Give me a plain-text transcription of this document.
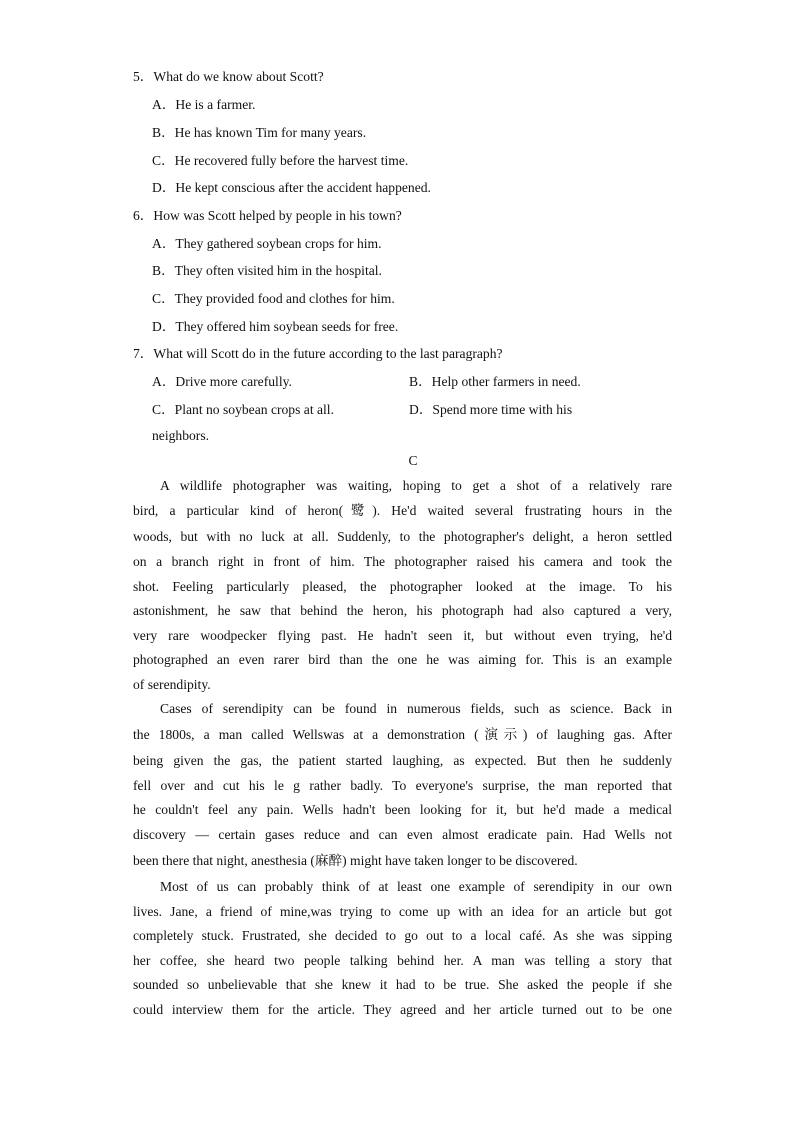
5．What do we know about Scott?
A．He is a farmer.
B．He has known Tim for many years.
C．He recovered fully before the harvest time.
D．He kept conscious after the accident happened.
6．How was Scott helped by people in his town?
A．They gathered soybean crops for him.
B．They often visited him in the hospital.
C．They provided food and clothes for him.
D．They offered him soybean seeds for free.
7．What will Scott do in the future according to the last paragraph?
A．Drive more carefully.	B．Help other farmers in need.
C．Plant no soybean crops at all.	D．Spend more time with his
neighbors.
C
A wildlife photographer was waiting, hoping to get a shot of a relatively rare
bird, a particular kind of heron(鹭). He'd waited several frustrating hours in the
woods, but with no luck at all. Suddenly, to the photographer's delight, a heron settled
on a branch right in front of him. The photographer raised his camera and took the
shot. Feeling particularly pleased, the photographer looked at the image. To his
astonishment, he saw that behind the heron, his photograph had also captured a very,
very rare woodpecker flying past. He hadn't seen it, but without even trying, he'd
photographed an even rarer bird than the one he was aiming for. This is an example
of serendipity.
Cases of serendipity can be found in numerous fields, such as science. Back in
the 1800s, a man called Wellswas at a demonstration (演示) of laughing gas. After
being given the gas, the patient started laughing, as expected. But then he suddenly
fell over and cut his le g rather badly. To everyone's surprise, the man reported that
he couldn't feel any pain. Wells hadn't been looking for it, but he'd made a medical
discovery — certain gases reduce and can even almost eradicate pain. Had Wells not
been there that night, anesthesia (麻醉) might have taken longer to be discovered.
Most of us can probably think of at least one example of serendipity in our own
lives. Jane, a friend of mine,was trying to come up with an idea for an article but got
completely stuck. Frustrated, she decided to go out to a local café. As she was sipping
her coffee, she heard two people talking behind her. A man was telling a story that
sounded so unbelievable that she knew it had to be true. She asked the people if she
could interview them for the article. They agreed and her article turned out to be one
